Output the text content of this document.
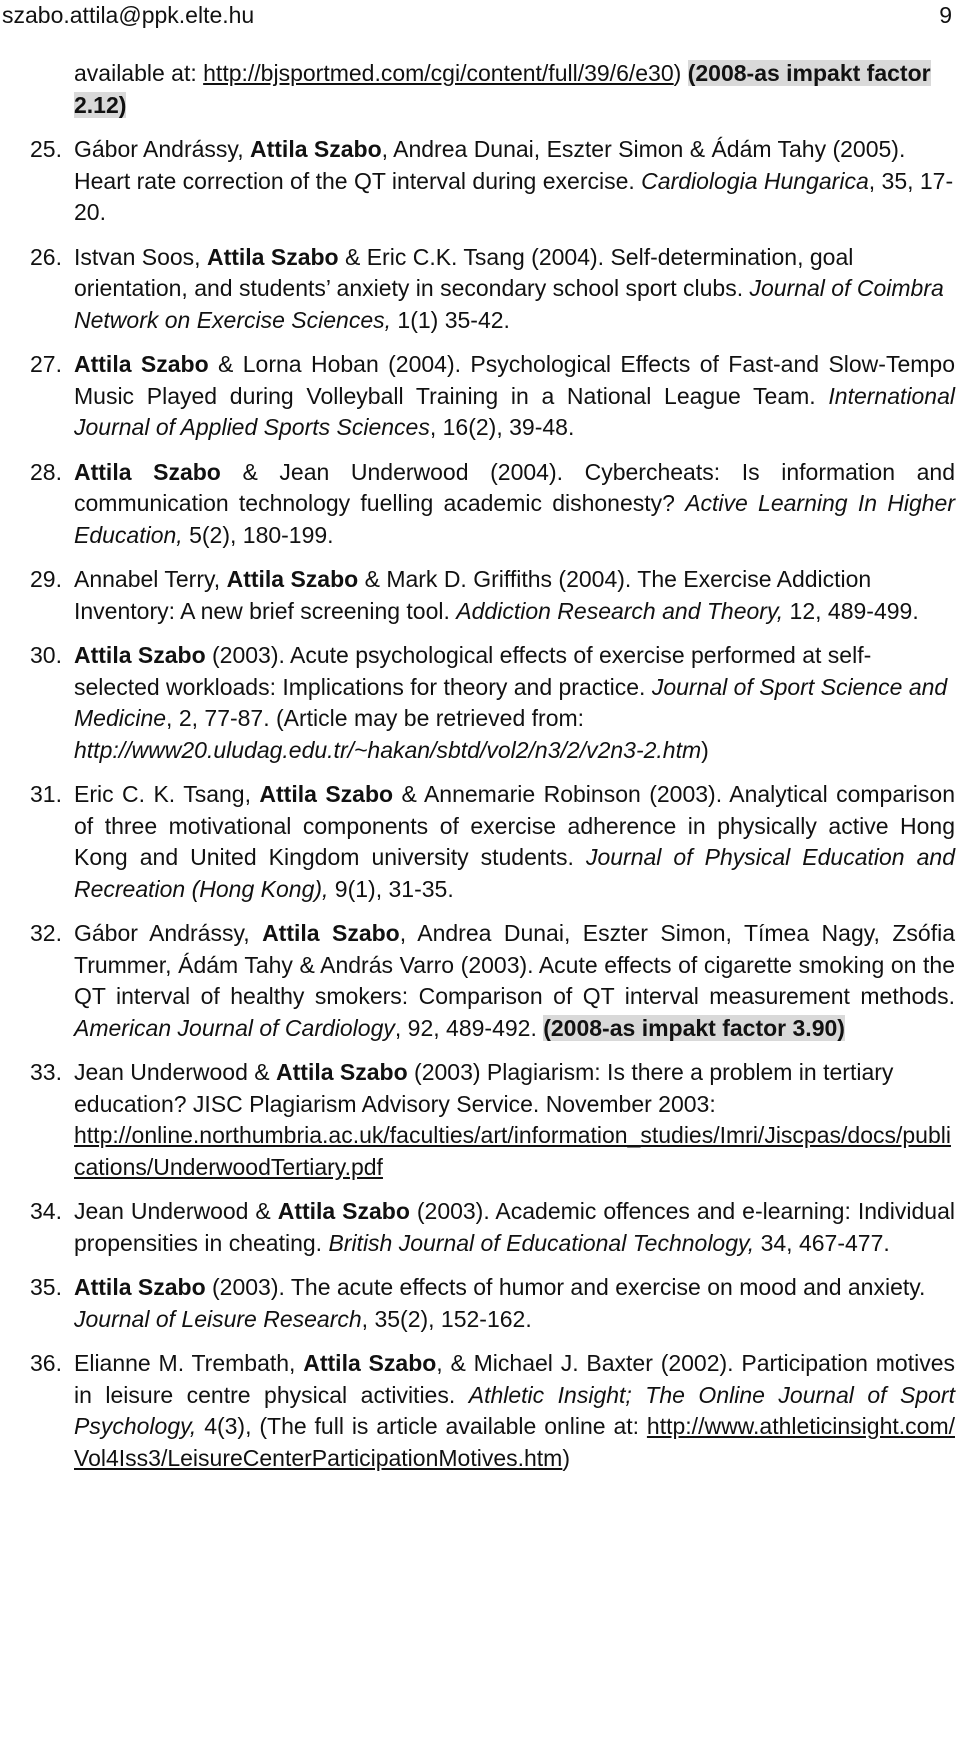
szabo.attila@ppk.elte.hu	9
available at: http://bjsportmed.com/cgi/content/full/39/6/e30) (2008-as impakt factor 2.12)
25. Gábor Andrássy, Attila Szabo, Andrea Dunai, Eszter Simon & Ádám Tahy (2005). Heart rate correction of the QT interval during exercise. Cardiologia Hungarica, 35, 17-20.
26. Istvan Soos, Attila Szabo & Eric C.K. Tsang (2004). Self-determination, goal orientation, and students’ anxiety in secondary school sport clubs. Journal of Coimbra Network on Exercise Sciences, 1(1) 35-42.
27. Attila Szabo & Lorna Hoban (2004). Psychological Effects of Fast-and Slow-Tempo Music Played during Volleyball Training in a National League Team. International Journal of Applied Sports Sciences, 16(2), 39-48.
28. Attila Szabo & Jean Underwood (2004). Cybercheats: Is information and communication technology fuelling academic dishonesty? Active Learning In Higher Education, 5(2), 180-199.
29. Annabel Terry, Attila Szabo & Mark D. Griffiths (2004). The Exercise Addiction Inventory: A new brief screening tool. Addiction Research and Theory, 12, 489-499.
30. Attila Szabo (2003). Acute psychological effects of exercise performed at self-selected workloads: Implications for theory and practice. Journal of Sport Science and Medicine, 2, 77-87. (Article may be retrieved from: http://www20.uludag.edu.tr/~hakan/sbtd/vol2/n3/2/v2n3-2.htm)
31. Eric C. K. Tsang, Attila Szabo & Annemarie Robinson (2003). Analytical comparison of three motivational components of exercise adherence in physically active Hong Kong and United Kingdom university students. Journal of Physical Education and Recreation (Hong Kong), 9(1), 31-35.
32. Gábor Andrássy, Attila Szabo, Andrea Dunai, Eszter Simon, Tímea Nagy, Zsófia Trummer, Ádám Tahy & András Varro (2003). Acute effects of cigarette smoking on the QT interval of healthy smokers: Comparison of QT interval measurement methods. American Journal of Cardiology, 92, 489-492. (2008-as impakt factor 3.90)
33. Jean Underwood & Attila Szabo (2003) Plagiarism: Is there a problem in tertiary education? JISC Plagiarism Advisory Service. November 2003:
http://online.northumbria.ac.uk/faculties/art/information_studies/Imri/Jiscpas/docs/publications/UnderwoodTertiary.pdf
34. Jean Underwood & Attila Szabo (2003). Academic offences and e-learning: Individual propensities in cheating. British Journal of Educational Technology, 34, 467-477.
35. Attila Szabo (2003). The acute effects of humor and exercise on mood and anxiety. Journal of Leisure Research, 35(2), 152-162.
36. Elianne M. Trembath, Attila Szabo, & Michael J. Baxter (2002). Participation motives in leisure centre physical activities. Athletic Insight; The Online Journal of Sport Psychology, 4(3), (The full is article available online at: http://www.athleticinsight.com/Vol4Iss3/LeisureCenterParticipationMotives.htm)
